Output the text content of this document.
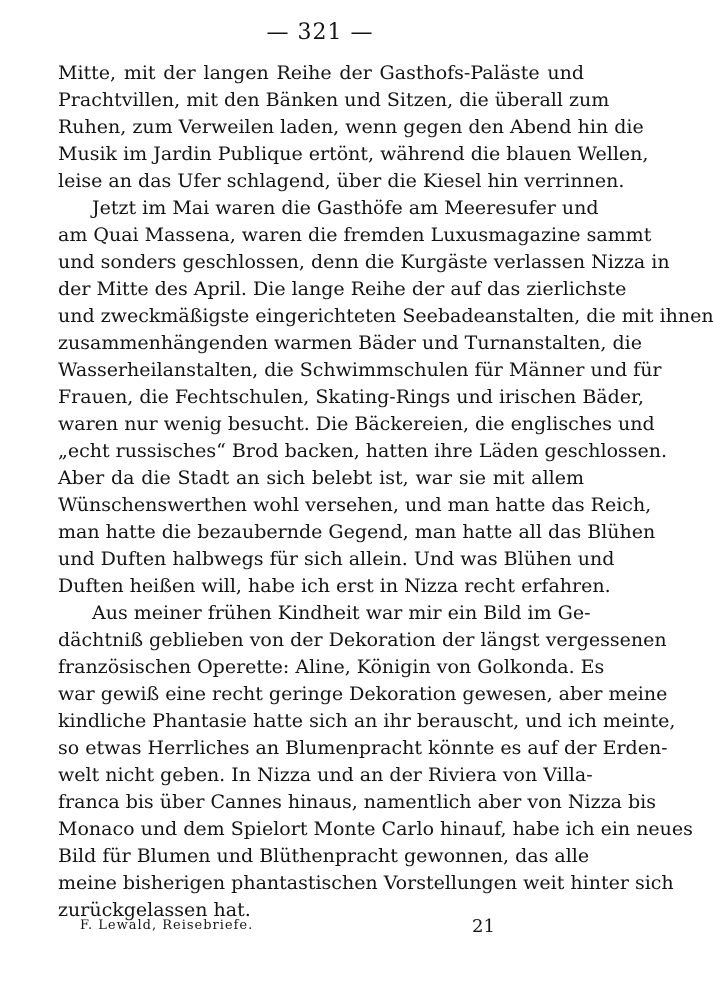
— 321 —
Mitte, mit der langen Reihe der Gasthofs-Paläste und
Prachtvillen, mit den Bänken und Sitzen, die überall zum
Ruhen, zum Verweilen laden, wenn gegen den Abend hin die
Musik im Jardin Publique ertönt, während die blauen Wellen,
leise an das Ufer schlagend, über die Kiesel hin verrinnen.
Jetzt im Mai waren die Gasthöfe am Meeresufer und
am Quai Massena, waren die fremden Luxusmagazine sammt
und sonders geschlossen, denn die Kurgäste verlassen Nizza in
der Mitte des April. Die lange Reihe der auf das zierlichste
und zweckmäßigste eingerichteten Seebadeanstalten, die mit ihnen
zusammenhängenden warmen Bäder und Turnanstalten, die
Wasserheilanstalten, die Schwimmschulen für Männer und für
Frauen, die Fechtschulen, Skating-Rings und irischen Bäder,
waren nur wenig besucht. Die Bäckereien, die englisches und
„echt russisches“ Brod backen, hatten ihre Läden geschlossen.
Aber da die Stadt an sich belebt ist, war sie mit allem
Wünschenswerthen wohl versehen, und man hatte das Reich,
man hatte die bezaubernde Gegend, man hatte all das Blühen
und Duften halbwegs für sich allein. Und was Blühen und
Duften heißen will, habe ich erst in Nizza recht erfahren.
Aus meiner frühen Kindheit war mir ein Bild im Ge-
dächtniß geblieben von der Dekoration der längst vergessenen
französischen Operette: Aline, Königin von Golkonda. Es
war gewiß eine recht geringe Dekoration gewesen, aber meine
kindliche Phantasie hatte sich an ihr berauscht, und ich meinte,
so etwas Herrliches an Blumenpracht könnte es auf der Erden-
welt nicht geben. In Nizza und an der Riviera von Villa-
franca bis über Cannes hinaus, namentlich aber von Nizza bis
Monaco und dem Spielort Monte Carlo hinauf, habe ich ein neues
Bild für Blumen und Blüthenpracht gewonnen, das alle
meine bisherigen phantastischen Vorstellungen weit hinter sich
zurückgelassen hat.
F. Lewald, Reisebriefe.	21
